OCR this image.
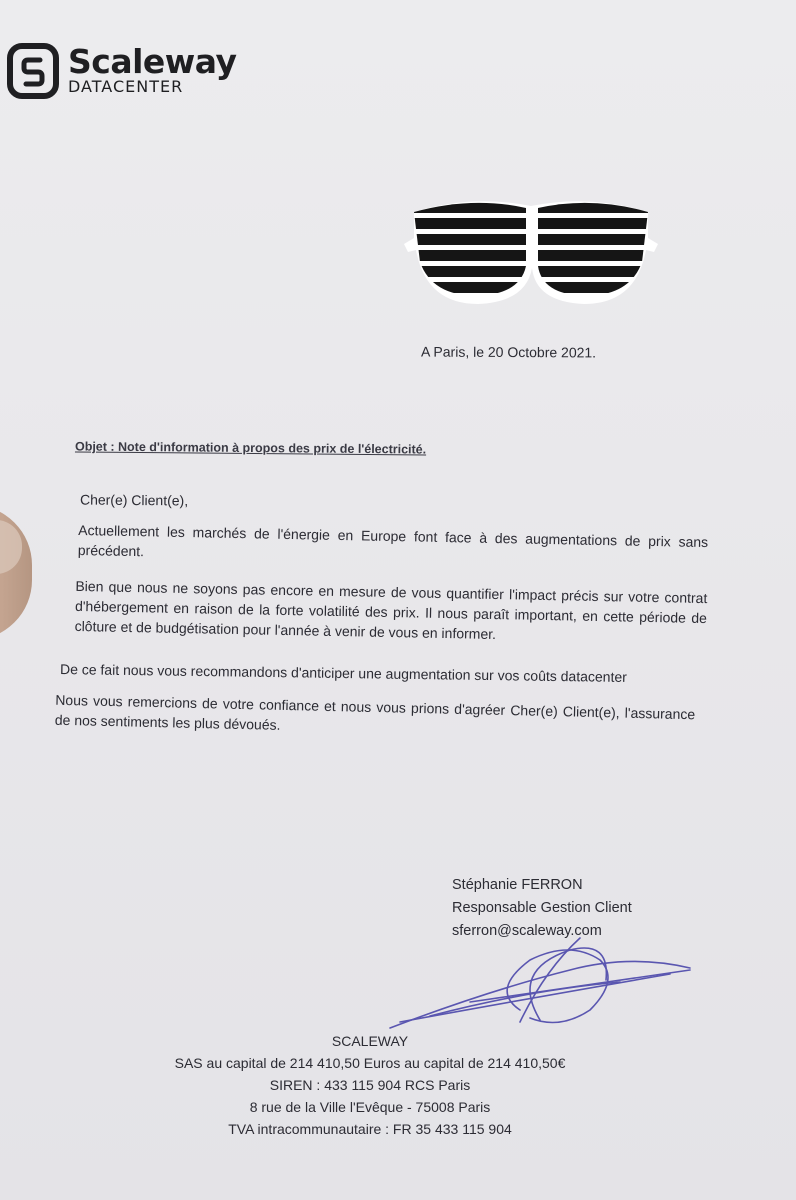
Scaleway
DATACENTER
A Paris, le 20 Octobre 2021.
Objet : Note d'information à propos des prix de l'électricité.
Cher(e) Client(e),
Actuellement les marchés de l'énergie en Europe font face à des augmentations de prix sans précédent.
Bien que nous ne soyons pas encore en mesure de vous quantifier l'impact précis sur votre contrat d'hébergement en raison de la forte volatilité des prix. Il nous paraît important, en cette période de clôture et de budgétisation pour l'année à venir de vous en informer.
De ce fait nous vous recommandons d'anticiper une augmentation sur vos coûts datacenter
Nous vous remercions de votre confiance et nous vous prions d'agréer Cher(e) Client(e), l'assurance de nos sentiments les plus dévoués.
Stéphanie FERRON
Responsable Gestion Client
sferron@scaleway.com
SCALEWAY
SAS au capital de 214 410,50 Euros au capital de 214 410,50€
SIREN : 433 115 904 RCS Paris
8 rue de la Ville l'Evêque - 75008 Paris
TVA intracommunautaire : FR 35 433 115 904
